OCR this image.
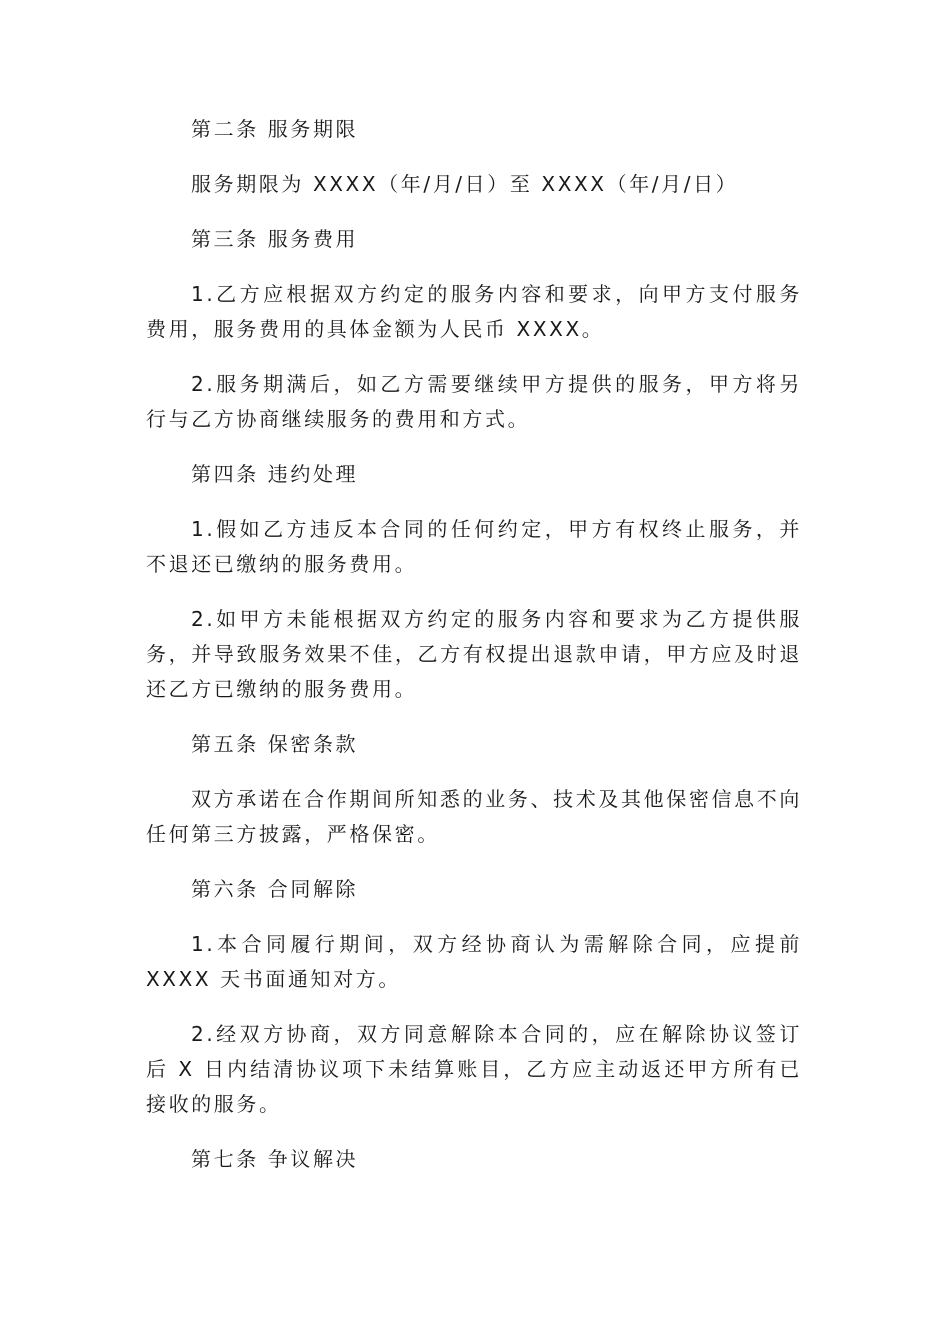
第二条 服务期限

服务期限为 XXXX（年/月/日）至 XXXX（年/月/日）

第三条 服务费用

1.乙方应根据双方约定的服务内容和要求，向甲方支付服务费用，服务费用的具体金额为人民币 XXXX。

2.服务期满后，如乙方需要继续甲方提供的服务，甲方将另行与乙方协商继续服务的费用和方式。

第四条 违约处理

1.假如乙方违反本合同的任何约定，甲方有权终止服务，并不退还已缴纳的服务费用。

2.如甲方未能根据双方约定的服务内容和要求为乙方提供服务，并导致服务效果不佳，乙方有权提出退款申请，甲方应及时退还乙方已缴纳的服务费用。

第五条 保密条款

双方承诺在合作期间所知悉的业务、技术及其他保密信息不向任何第三方披露，严格保密。

第六条 合同解除

1.本合同履行期间，双方经协商认为需解除合同，应提前 XXXX 天书面通知对方。

2.经双方协商，双方同意解除本合同的，应在解除协议签订后 X 日内结清协议项下未结算账目，乙方应主动返还甲方所有已接收的服务。

第七条 争议解决
